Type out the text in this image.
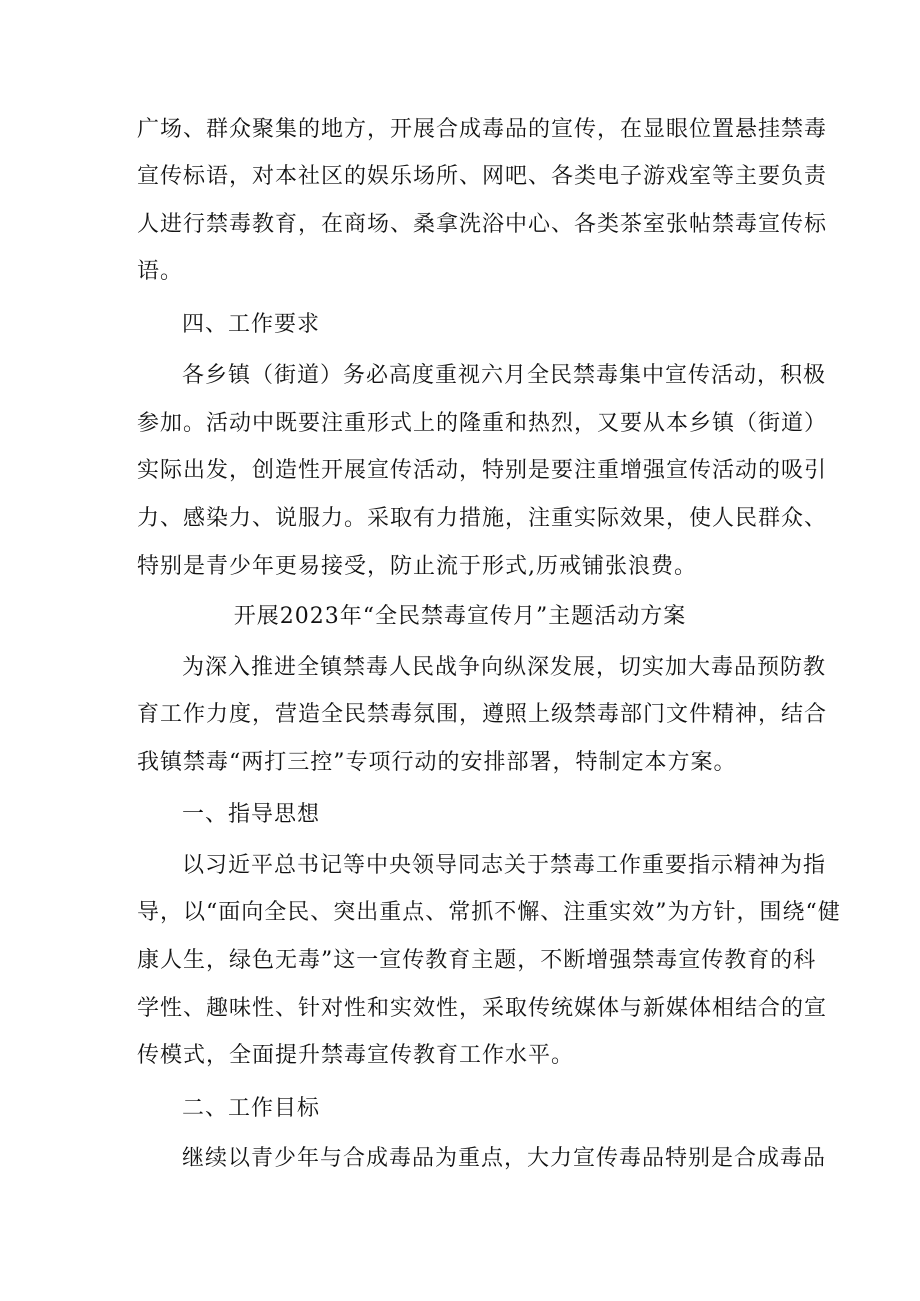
广场、群众聚集的地方，开展合成毒品的宣传，在显眼位置悬挂禁毒
宣传标语，对本社区的娱乐场所、网吧、各类电子游戏室等主要负责
人进行禁毒教育，在商场、桑拿洗浴中心、各类茶室张帖禁毒宣传标
语。
四、工作要求
各乡镇（街道）务必高度重视六月全民禁毒集中宣传活动，积极
参加。活动中既要注重形式上的隆重和热烈，又要从本乡镇（街道）
实际出发，创造性开展宣传活动，特别是要注重增强宣传活动的吸引
力、感染力、说服力。采取有力措施，注重实际效果，使人民群众、
特别是青少年更易接受，防止流于形式,历戒铺张浪费。
开展2023年“全民禁毒宣传月”主题活动方案
为深入推进全镇禁毒人民战争向纵深发展，切实加大毒品预防教
育工作力度，营造全民禁毒氛围，遵照上级禁毒部门文件精神，结合
我镇禁毒“两打三控”专项行动的安排部署，特制定本方案。
一、指导思想
以习近平总书记等中央领导同志关于禁毒工作重要指示精神为指
导，以“面向全民、突出重点、常抓不懈、注重实效”为方针，围绕“健
康人生，绿色无毒”这一宣传教育主题，不断增强禁毒宣传教育的科
学性、趣味性、针对性和实效性，采取传统媒体与新媒体相结合的宣
传模式，全面提升禁毒宣传教育工作水平。
二、工作目标
继续以青少年与合成毒品为重点，大力宣传毒品特别是合成毒品
